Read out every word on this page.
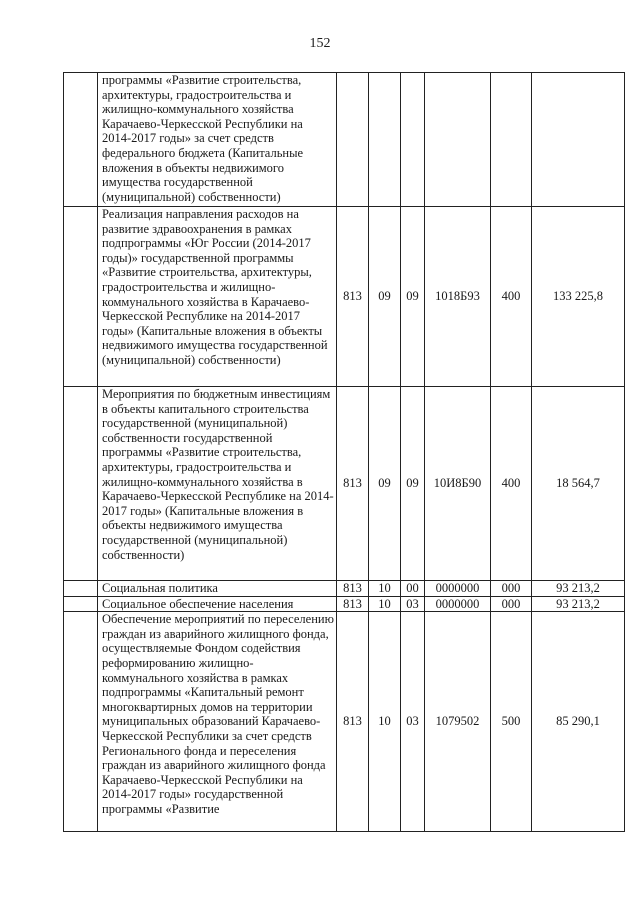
152
	программы «Развитие строительства, архитектуры, градостроительства и жилищно-коммунального хозяйства Карачаево-Черкесской Республики на 2014-2017 годы» за счет средств федерального бюджета (Капитальные вложения в объекты недвижимого имущества государственной (муниципальной) собственности)						
	Реализация направления расходов на развитие здравоохранения в рамках подпрограммы «Юг России (2014-2017 годы)» государственной программы «Развитие строительства, архитектуры, градостроительства и жилищно-коммунального хозяйства в Карачаево-Черкесской Республике на 2014-2017 годы» (Капитальные вложения в объекты недвижимого имущества государственной (муниципальной) собственности)	813	09	09	1018Б93	400	133 225,8
	Мероприятия по бюджетным инвестициям в объекты капитального строительства государственной (муниципальной) собственности государственной программы «Развитие строительства, архитектуры, градостроительства и жилищно-коммунального хозяйства в Карачаево-Черкесской Республике на 2014-2017 годы» (Капитальные вложения в объекты недвижимого имущества государственной (муниципальной) собственности)	813	09	09	10И8Б90	400	18 564,7
	Социальная политика	813	10	00	0000000	000	93 213,2
	Социальное обеспечение населения	813	10	03	0000000	000	93 213,2
	Обеспечение мероприятий по переселению граждан из аварийного жилищного фонда, осуществляемые Фондом содействия реформированию жилищно-коммунального хозяйства в рамках подпрограммы «Капитальный ремонт многоквартирных домов на территории муниципальных образований Карачаево-Черкесской Республики за счет средств Регионального фонда и переселения граждан из аварийного жилищного фонда Карачаево-Черкесской Республики на 2014-2017 годы» государственной программы «Развитие	813	10	03	1079502	500	85 290,1
